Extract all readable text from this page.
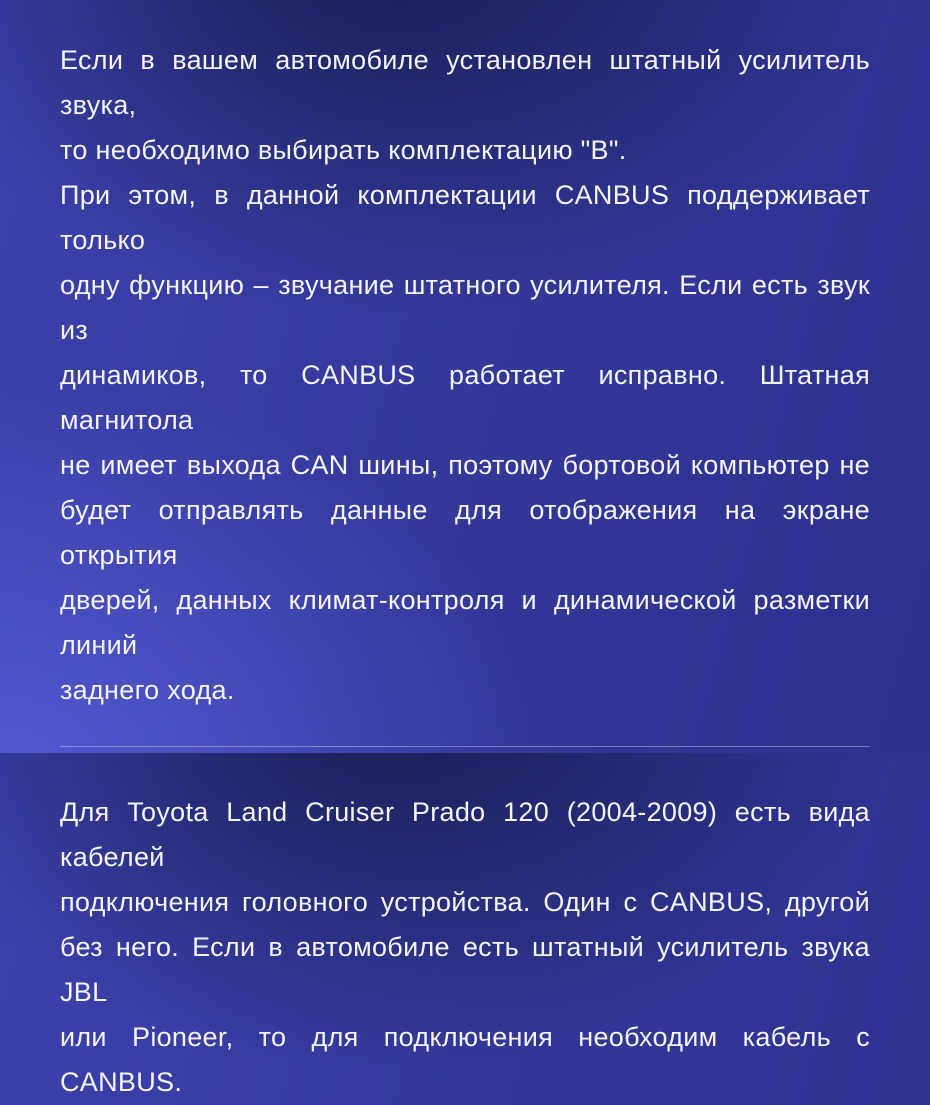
Если в вашем автомобиле установлен штатный усилитель звука,
то необходимо выбирать комплектацию "В".
При этом, в данной комплектации CANBUS поддерживает только
одну функцию – звучание штатного усилителя. Если есть звук из
динамиков, то CANBUS работает исправно. Штатная магнитола
не имеет выхода CAN шины, поэтому бортовой компьютер не
будет отправлять данные для отображения на экране открытия
дверей, данных климат-контроля и динамической разметки линий
заднего хода.
Для Toyota Land Cruiser Prado 120 (2004-2009) есть вида кабелей
подключения головного устройства. Один с CANBUS, другой
без него. Если в автомобиле есть штатный усилитель звука JBL
или Pioneer, то для подключения необходим кабель с CANBUS.
